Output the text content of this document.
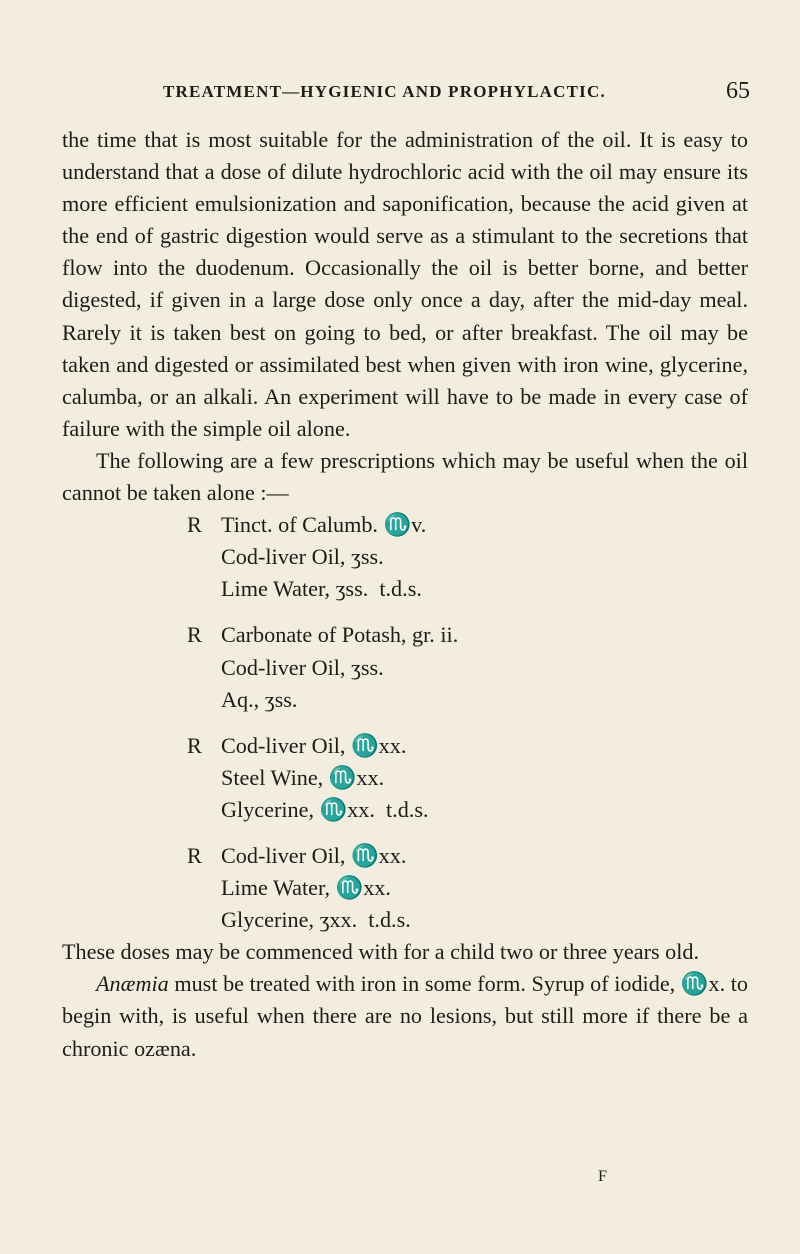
TREATMENT—HYGIENIC AND PROPHYLACTIC.	65

the time that is most suitable for the administration of the oil. It is easy to understand that a dose of dilute hydrochloric acid with the oil may ensure its more efficient emulsionization and saponification, because the acid given at the end of gastric digestion would serve as a stimulant to the secretions that flow into the duodenum. Occasionally the oil is better borne, and better digested, if given in a large dose only once a day, after the mid-day meal. Rarely it is taken best on going to bed, or after breakfast. The oil may be taken and digested or assimilated best when given with iron wine, glycerine, calumba, or an alkali. An experiment will have to be made in every case of failure with the simple oil alone.

The following are a few prescriptions which may be useful when the oil cannot be taken alone :—

R Tinct. of Calumb. ♏v.
Cod-liver Oil, ʒss.
Lime Water, ʒss.  t.d.s.
R Carbonate of Potash, gr. ii.
Cod-liver Oil, ʒss.
Aq., ʒss.
R Cod-liver Oil, ♏xx.
Steel Wine, ♏xx.
Glycerine, ♏xx.  t.d.s.
R Cod-liver Oil, ♏xx.
Lime Water, ♏xx.
Glycerine, ʒxx.  t.d.s.

These doses may be commenced with for a child two or three years old.

Anæmia must be treated with iron in some form. Syrup of iodide, ♏x. to begin with, is useful when there are no lesions, but still more if there be a chronic ozæna.

F
